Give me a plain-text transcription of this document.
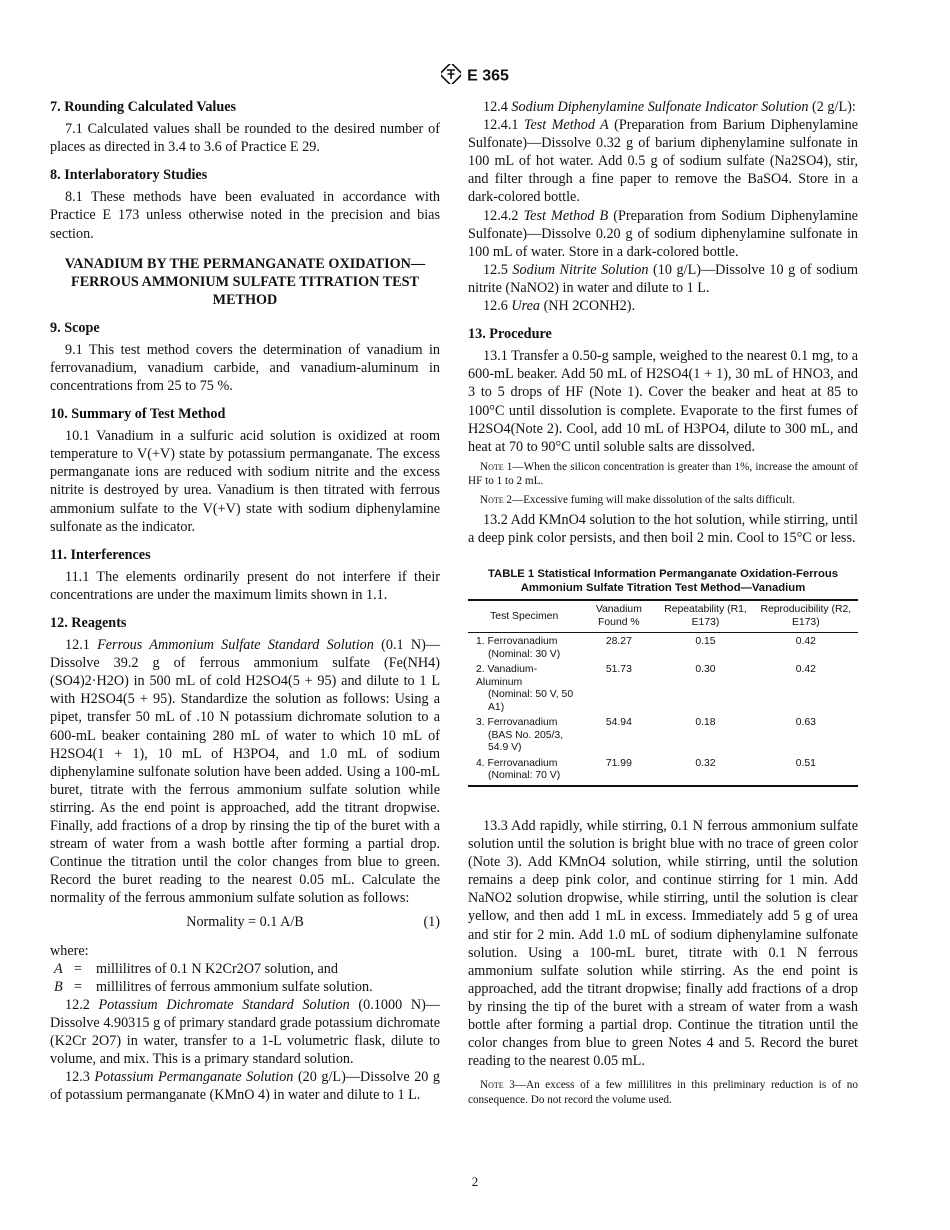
E 365
7. Rounding Calculated Values

7.1 Calculated values shall be rounded to the desired number of places as directed in 3.4 to 3.6 of Practice E 29.

8. Interlaboratory Studies

8.1 These methods have been evaluated in accordance with Practice E 173 unless otherwise noted in the precision and bias section.

VANADIUM BY THE PERMANGANATE OXIDATION—FERROUS AMMONIUM SULFATE TITRATION TEST METHOD
9. Scope

9.1 This test method covers the determination of vanadium in ferrovanadium, vanadium carbide, and vanadium-aluminum in concentrations from 25 to 75 %.

10. Summary of Test Method

10.1 Vanadium in a sulfuric acid solution is oxidized at room temperature to V(+V) state by potassium permanganate. The excess permanganate ions are reduced with sodium nitrite and the excess nitrite is destroyed by urea. Vanadium is then titrated with ferrous ammonium sulfate to the V(+V) state with sodium diphenylamine sulfonate as the indicator.

11. Interferences

11.1 The elements ordinarily present do not interfere if their concentrations are under the maximum limits shown in 1.1.

12. Reagents

12.1 Ferrous Ammonium Sulfate Standard Solution (0.1 N)—Dissolve 39.2 g of ferrous ammonium sulfate (Fe(NH4)(SO4)2·H2O) in 500 mL of cold H2SO4(5 + 95) and dilute to 1 L with H2SO4(5 + 95). Standardize the solution as follows: Using a pipet, transfer 50 mL of .10 N potassium dichromate solution to a 600-mL beaker containing 280 mL of water to which 10 mL of H2SO4(1 + 1), 10 mL of H3PO4, and 1.0 mL of sodium diphenylamine sulfonate solution have been added. Using a 100-mL buret, titrate with the ferrous ammonium sulfate solution while stirring. As the end point is approached, add the titrant dropwise. Finally, add fractions of a drop by rinsing the tip of the buret with a stream of water from a wash bottle after forming a partial drop. Continue the titration until the color changes from blue to green. Record the buret reading to the nearest 0.05 mL. Calculate the normality of the ferrous ammonium sulfate solution as follows:

Normality = 0.1 A/B	(1)
where:
A = millilitres of 0.1 N K2Cr2O7 solution, and
B = millilitres of ferrous ammonium sulfate solution.

12.2 Potassium Dichromate Standard Solution (0.1000 N)—Dissolve 4.90315 g of primary standard grade potassium dichromate (K2Cr 2O7) in water, transfer to a 1-L volumetric flask, dilute to volume, and mix. This is a primary standard solution.

12.3 Potassium Permanganate Solution (20 g/L)—Dissolve 20 g of potassium permanganate (KMnO 4) in water and dilute to 1 L.

12.4 Sodium Diphenylamine Sulfonate Indicator Solution (2 g/L):

12.4.1 Test Method A (Preparation from Barium Diphenylamine Sulfonate)—Dissolve 0.32 g of barium diphenylamine sulfonate in 100 mL of hot water. Add 0.5 g of sodium sulfate (Na2SO4), stir, and filter through a fine paper to remove the BaSO4. Store in a dark-colored bottle.

12.4.2 Test Method B (Preparation from Sodium Diphenylamine Sulfonate)—Dissolve 0.20 g of sodium diphenylamine sulfonate in 100 mL of water. Store in a dark-colored bottle.

12.5 Sodium Nitrite Solution (10 g/L)—Dissolve 10 g of sodium nitrite (NaNO2) in water and dilute to 1 L.

12.6 Urea (NH 2CONH2).

13. Procedure

13.1 Transfer a 0.50-g sample, weighed to the nearest 0.1 mg, to a 600-mL beaker. Add 50 mL of H2SO4(1 + 1), 30 mL of HNO3, and 3 to 5 drops of HF (Note 1). Cover the beaker and heat at 85 to 100°C until dissolution is complete. Evaporate to the first fumes of H2SO4(Note 2). Cool, add 10 mL of H3PO4, dilute to 300 mL, and heat at 70 to 90°C until soluble salts are dissolved.

Note 1—When the silicon concentration is greater than 1%, increase the amount of HF to 1 to 2 mL.
Note 2—Excessive fuming will make dissolution of the salts difficult.

13.2 Add KMnO4 solution to the hot solution, while stirring, until a deep pink color persists, and then boil 2 min. Cool to 15°C or less.

TABLE 1 Statistical Information Permanganate Oxidation-Ferrous Ammonium Sulfate Titration Test Method—Vanadium
Test Specimen	Vanadium Found %	Repeatability (R1, E173)	Reproducibility (R2, E173)
1. Ferrovanadium
(Nominal: 30 V)	28.27	0.15	0.42
2. Vanadium-Aluminum
(Nominal: 50 V, 50 A1)	51.73	0.30	0.42
3. Ferrovanadium
(BAS No. 205/3, 54.9 V)	54.94	0.18	0.63
4. Ferrovanadium
(Nominal: 70 V)	71.99	0.32	0.51

13.3 Add rapidly, while stirring, 0.1 N ferrous ammonium sulfate solution until the solution is bright blue with no trace of green color (Note 3). Add KMnO4 solution, while stirring, until the solution remains a deep pink color, and continue stirring for 1 min. Add NaNO2 solution dropwise, while stirring, until the solution is clear yellow, and then add 1 mL in excess. Immediately add 5 g of urea and stir for 2 min. Add 1.0 mL of sodium diphenylamine sulfonate solution. Using a 100-mL buret, titrate with 0.1 N ferrous ammonium sulfate solution while stirring. As the end point is approached, add the titrant dropwise; finally add fractions of a drop by rinsing the tip of the buret with a stream of water from a wash bottle after forming a partial drop. Continue the titration until the color changes from blue to green Notes 4 and 5. Record the buret reading to the nearest 0.05 mL.

Note 3—An excess of a few millilitres in this preliminary reduction is of no consequence. Do not record the volume used.
2
